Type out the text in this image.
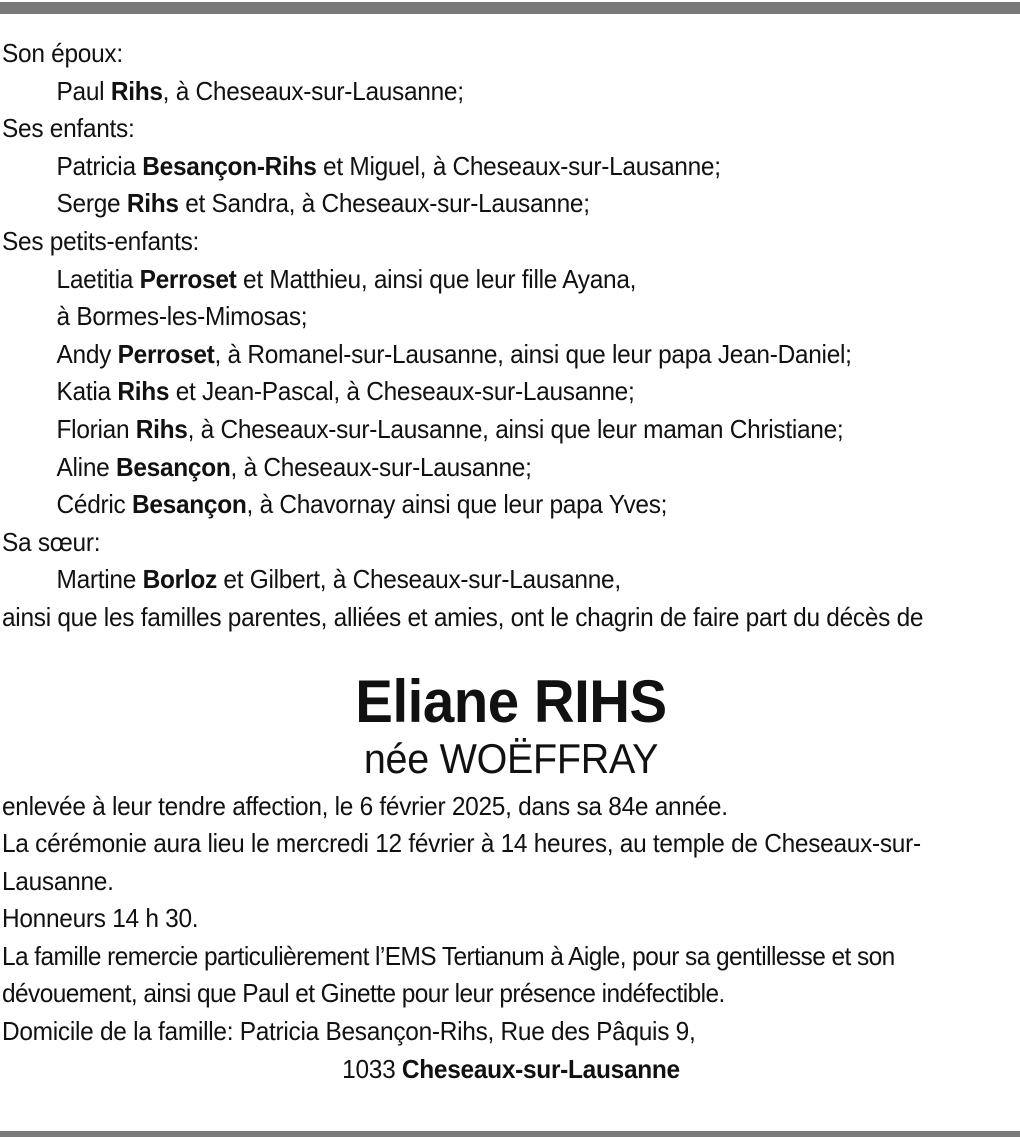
Son époux:
Paul Rihs, à Cheseaux-sur-Lausanne;
Ses enfants:
Patricia Besançon-Rihs et Miguel, à Cheseaux-sur-Lausanne;
Serge Rihs et Sandra, à Cheseaux-sur-Lausanne;
Ses petits-enfants:
Laetitia Perroset et Matthieu, ainsi que leur fille Ayana,
à Bormes-les-Mimosas;
Andy Perroset, à Romanel-sur-Lausanne, ainsi que leur papa Jean-Daniel;
Katia Rihs et Jean-Pascal, à Cheseaux-sur-Lausanne;
Florian Rihs, à Cheseaux-sur-Lausanne, ainsi que leur maman Christiane;
Aline Besançon, à Cheseaux-sur-Lausanne;
Cédric Besançon, à Chavornay ainsi que leur papa Yves;
Sa sœur:
Martine Borloz et Gilbert, à Cheseaux-sur-Lausanne,
ainsi que les familles parentes, alliées et amies, ont le chagrin de faire part du décès de
Eliane RIHS
née WOËFFRAY
enlevée à leur tendre affection, le 6 février 2025, dans sa 84e année.
La cérémonie aura lieu le mercredi 12 février à 14 heures, au temple de Cheseaux-sur-Lausanne.
Honneurs 14 h 30.
La famille remercie particulièrement l’EMS Tertianum à Aigle, pour sa gentillesse et son dévouement, ainsi que Paul et Ginette pour leur présence indéfectible.
Domicile de la famille: Patricia Besançon-Rihs, Rue des Pâquis 9,
1033 Cheseaux-sur-Lausanne
